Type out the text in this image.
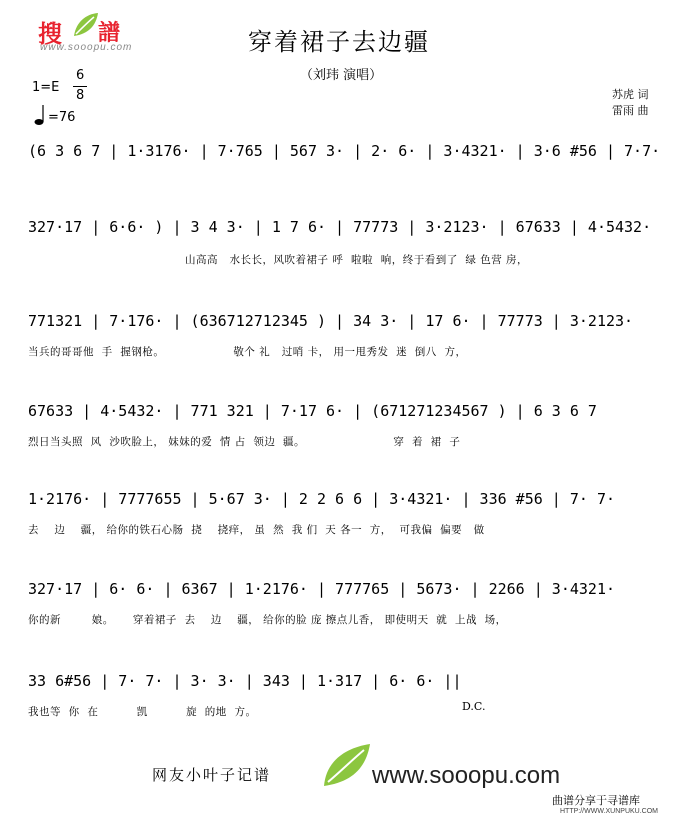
搜 譜
www.sooopu.com	穿着裙子去边疆
（刘玮 演唱）
1=E
6
8
=76
苏虎 词
雷雨 曲
(6 3 6 7 | 1·3176· | 7·765 | 567 3· | 2· 6· | 3·4321· | 3·6 #56 | 7·7·
327·17 | 6·6· ) | 3 4 3· | 1 7 6· | 77773 | 3·2123· | 67633 | 4·5432·
山高高   水长长，风吹着裙子 呼  啦啦  响，终于看到了  绿 色营 房，
771321 | 7·176· | (636712712345 ) | 34 3· | 17 6· | 77773 | 3·2123·
当兵的哥哥他  手  握钢枪。                  敬个 礼   过哨 卡， 用一甩秀发  迷  倒八  方，
67633 | 4·5432· | 771 321 | 7·17 6· | (671271234567 ) | 6 3 6 7
烈日当头照  风  沙吹脸上， 妹妹的爱  情 占  领边  疆。                       穿  着  裙  子
1·2176· | 7777655 | 5·67 3· | 2 2 6 6 | 3·4321· | 336 #56 | 7· 7·
去    边    疆， 给你的铁石心肠  挠    挠痒， 虽  然  我 们  天 各一  方，  可我偏  偏要   做
327·17 | 6· 6· | 6367 | 1·2176· | 777765 | 5673· | 2266 | 3·4321·
你的新        娘。     穿着裙子  去    边    疆， 给你的脸 庞 擦点儿香， 即使明天  就  上战  场，
33 6#56 | 7· 7· | 3· 3· | 343 | 1·317 | 6· 6· ||
我也等  你  在          凯          旋  的地  方。	D.C.
网友小叶子记谱	www.sooopu.com
曲谱分享于寻谱库
HTTP://WWW.XUNPUKU.COM
